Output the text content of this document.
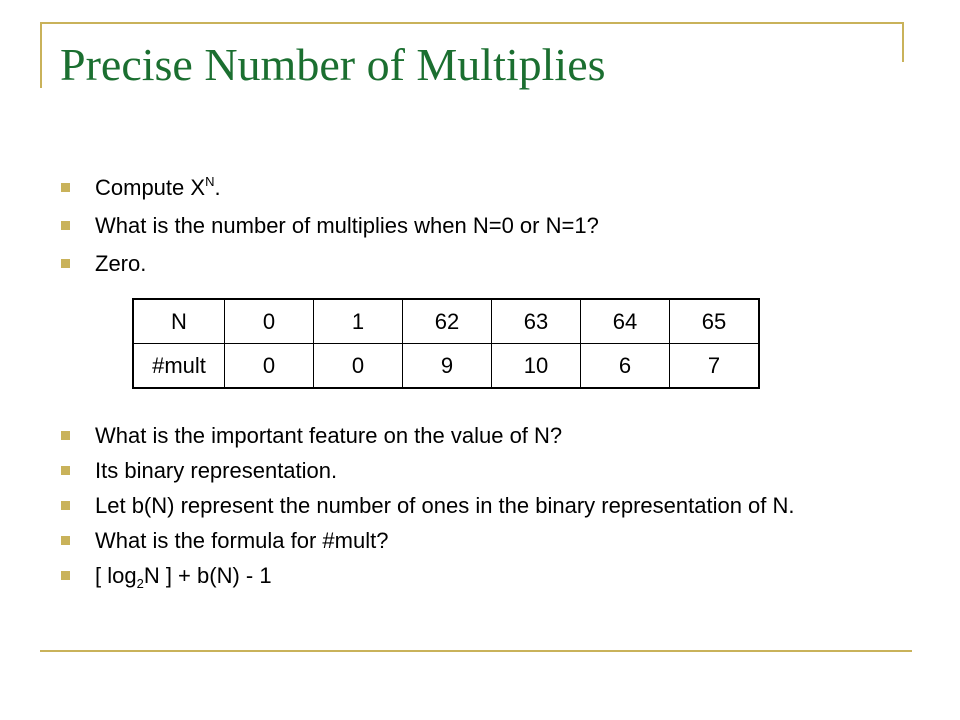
Precise Number of Multiplies
Compute $X^N$.
What is the number of multiplies when N=0 or N=1?
Zero.
N	0	1	62	63	64	65
#mult	0	0	9	10	6	7
What is the important feature on the value of N?
Its binary representation.
Let b(N) represent the number of ones in the binary representation of N.
What is the formula for #mult?
[ $\log_2N$ ] + b(N) - 1
